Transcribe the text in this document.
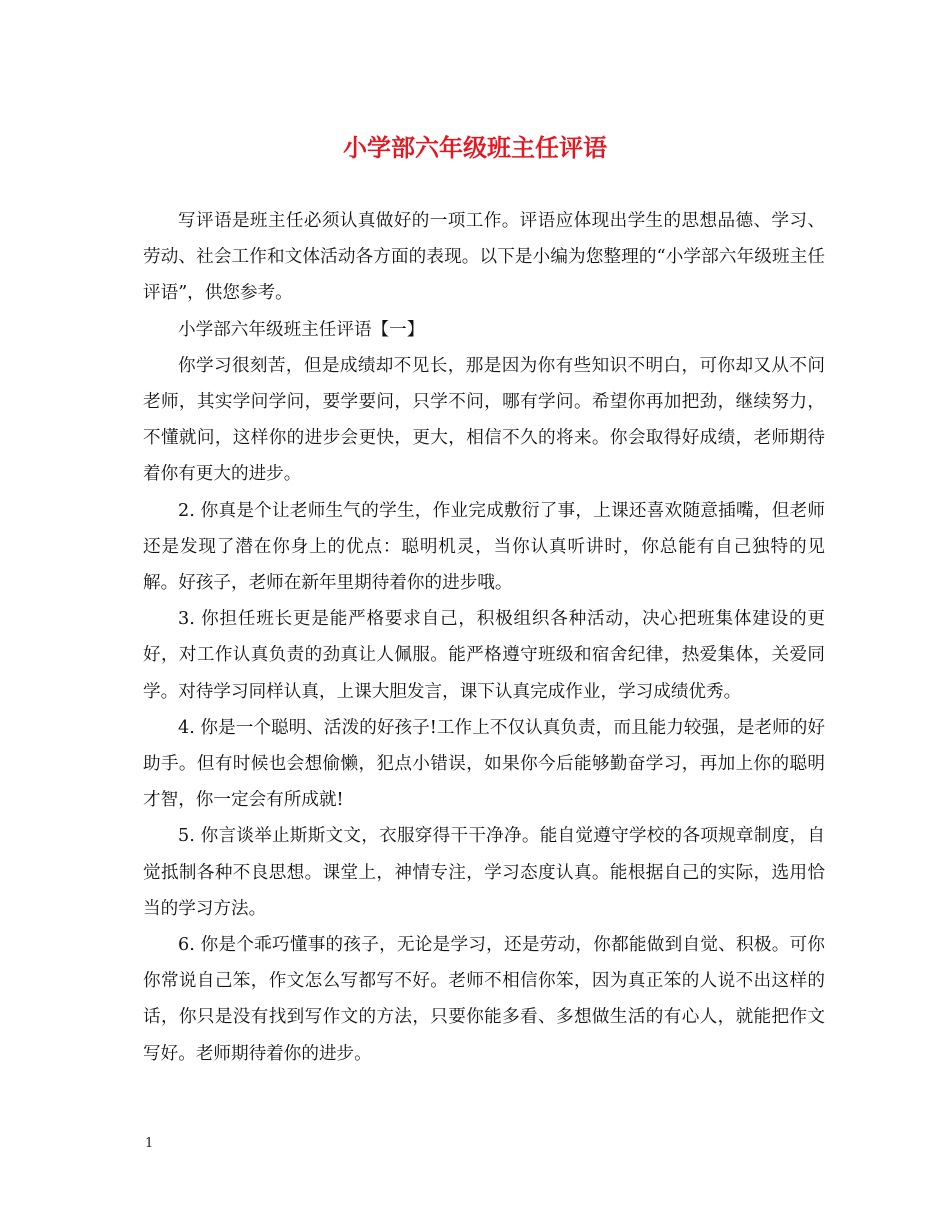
小学部六年级班主任评语

写评语是班主任必须认真做好的一项工作。评语应体现出学生的思想品德、学习、劳动、社会工作和文体活动各方面的表现。以下是小编为您整理的“小学部六年级班主任评语”，供您参考。

小学部六年级班主任评语【一】

你学习很刻苦，但是成绩却不见长，那是因为你有些知识不明白，可你却又从不问老师，其实学问学问，要学要问，只学不问，哪有学问。希望你再加把劲，继续努力，不懂就问，这样你的进步会更快，更大，相信不久的将来。你会取得好成绩，老师期待着你有更大的进步。

2. 你真是个让老师生气的学生，作业完成敷衍了事，上课还喜欢随意插嘴，但老师还是发现了潜在你身上的优点：聪明机灵，当你认真听讲时，你总能有自己独特的见解。好孩子，老师在新年里期待着你的进步哦。

3. 你担任班长更是能严格要求自己，积极组织各种活动，决心把班集体建设的更好，对工作认真负责的劲真让人佩服。能严格遵守班级和宿舍纪律，热爱集体，关爱同学。对待学习同样认真，上课大胆发言，课下认真完成作业，学习成绩优秀。

4. 你是一个聪明、活泼的好孩子!工作上不仅认真负责，而且能力较强，是老师的好助手。但有时候也会想偷懒，犯点小错误，如果你今后能够勤奋学习，再加上你的聪明才智，你一定会有所成就!

5. 你言谈举止斯斯文文，衣服穿得干干净净。能自觉遵守学校的各项规章制度，自觉抵制各种不良思想。课堂上，神情专注，学习态度认真。能根据自己的实际，选用恰当的学习方法。

6. 你是个乖巧懂事的孩子，无论是学习，还是劳动，你都能做到自觉、积极。可你你常说自己笨，作文怎么写都写不好。老师不相信你笨，因为真正笨的人说不出这样的话，你只是没有找到写作文的方法，只要你能多看、多想做生活的有心人，就能把作文写好。老师期待着你的进步。

1
